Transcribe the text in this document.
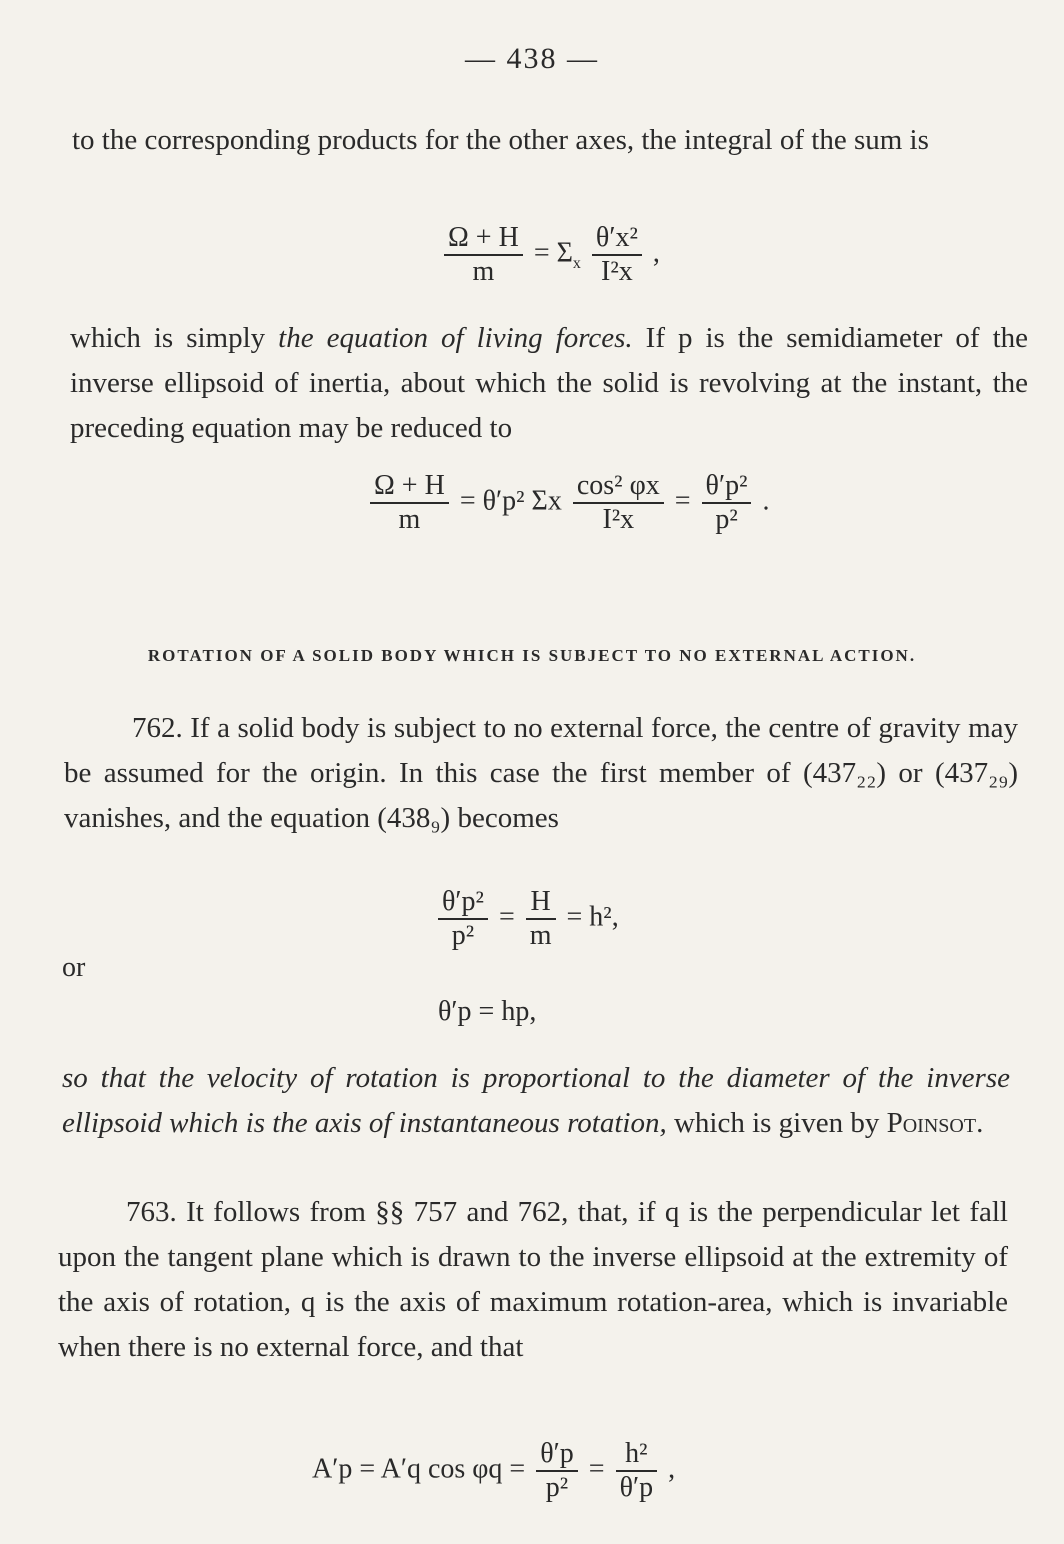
— 438 —
to the corresponding products for the other axes, the integral of the sum is
$\frac{\Omega + H}{m} = \Sigma_x \frac{\text{θ′x²}}{\text{I²x}}$ ,
which is simply the equation of living forces. If p is the semidiameter of the inverse ellipsoid of inertia, about which the solid is revolving at the instant, the preceding equation may be reduced to
$\frac{\Omega + H}{m} = \theta'p^2$ Σx $\frac{\text{cos² φx}}{\text{I²x}} = \frac{\text{θ′p²}}{\text{p²}}$ .
ROTATION OF A SOLID BODY WHICH IS SUBJECT TO NO EXTERNAL ACTION.
762. If a solid body is subject to no external force, the centre of gravity may be assumed for the origin. In this case the first member of (437₂₂) or (437₂₉) vanishes, and the equation (438₉) becomes
$\frac{\text{θ′p²}}{\text{p²}} = \frac{H}{m} = h^2$,
or
θ′p = hp,
so that the velocity of rotation is proportional to the diameter of the inverse ellipsoid which is the axis of instantaneous rotation, which is given by Poinsot.
763. It follows from §§ 757 and 762, that, if q is the perpendicular let fall upon the tangent plane which is drawn to the inverse ellipsoid at the extremity of the axis of rotation, q is the axis of maximum rotation-area, which is invariable when there is no external force, and that
A′p = A′q $\cos \varphi q = \frac{\theta'p}{\text{p²}} = \frac{\text{h²}}{\theta'p}$ ,
